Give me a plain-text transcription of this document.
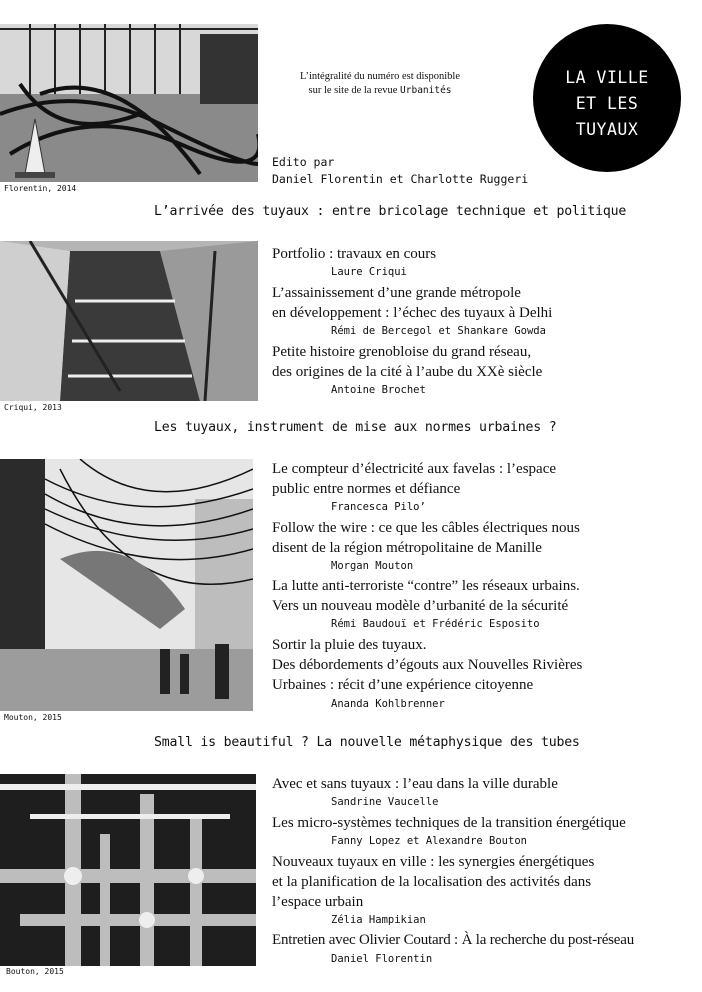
Florentin, 2014
L’intégralité du numéro est disponible
sur le site de la revue Urbanités
LA VILLE
ET LES
TUYAUX
Edito par
Daniel Florentin et Charlotte Ruggeri
L’arrivée des tuyaux : entre bricolage technique et politique
Criqui, 2013
Portfolio : travaux en cours
Laure Criqui
L’assainissement d’une grande métropole
en développement : l’échec des tuyaux à Delhi
Rémi de Bercegol et Shankare Gowda
Petite histoire grenobloise du grand réseau,
des origines de la cité à l’aube du XXè siècle
Antoine Brochet
Les tuyaux, instrument de mise aux normes urbaines ?
Mouton, 2015
Le compteur d’électricité aux favelas : l’espace
public entre normes et défiance
Francesca Pilo’
Follow the wire : ce que les câbles électriques nous
disent de la région métropolitaine de Manille
Morgan Mouton
La lutte anti-terroriste “contre” les réseaux urbains.
Vers un nouveau modèle d’urbanité de la sécurité
Rémi Baudouï et Frédéric Esposito
Sortir la pluie des tuyaux.
Des débordements d’égouts aux Nouvelles Rivières
Urbaines : récit d’une expérience citoyenne
Ananda Kohlbrenner
Small is beautiful ? La nouvelle métaphysique des tubes
Bouton, 2015
Avec et sans tuyaux : l’eau dans la ville durable
Sandrine Vaucelle
Les micro-systèmes techniques de la transition énergétique
Fanny Lopez et Alexandre Bouton
Nouveaux tuyaux en ville : les synergies énergétiques
et la planification de la localisation des activités dans
l’espace urbain
Zélia Hampikian
Entretien avec Olivier Coutard : À la recherche du post-réseau
Daniel Florentin
